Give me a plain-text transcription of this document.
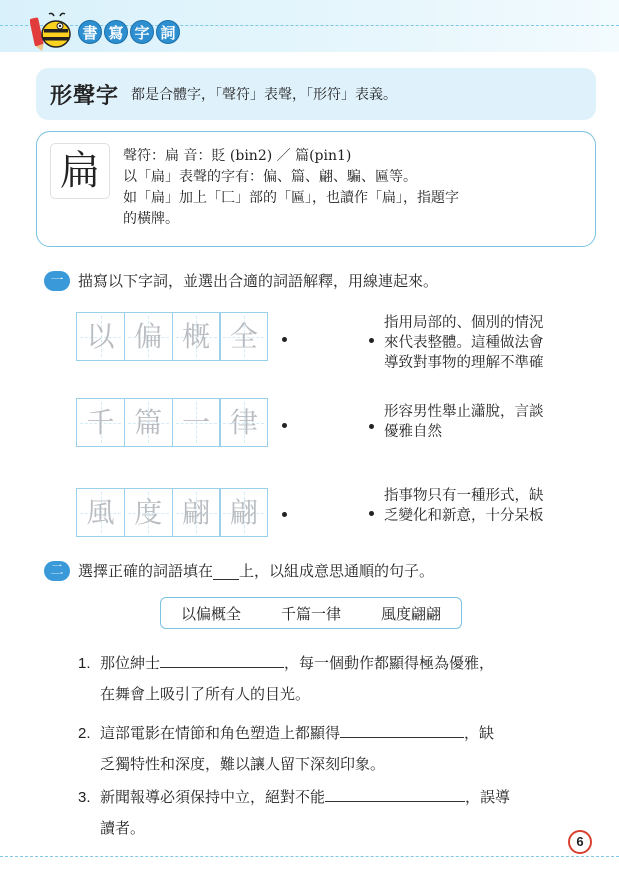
書 寫 字 詞
形聲字 都是合體字，「聲符」表聲，「形符」表義。
扁	聲符：扁 音：貶 (bin2) ／ 篇(pin1)
以「扁」表聲的字有：偏、篇、翩、騙、匾等。
如「扁」加上「匚」部的「匾」，也讀作「扁」，指題字
的橫牌。
一 描寫以下字詞，並選出合適的詞語解釋，用線連起來。
以 偏 概 全
千 篇 一 律
風 度 翩 翩
指用局部的、個別的情況
來代表整體。這種做法會
導致對事物的理解不準確
形容男性舉止瀟脫，言談
優雅自然
指事物只有一種形式，缺
乏變化和新意，十分呆板
二 選擇正確的詞語填在 上，以組成意思通順的句子。
以偏概全	千篇一律	風度翩翩
1. 那位紳士	，每一個動作都顯得極為優雅，
在舞會上吸引了所有人的目光。
2. 這部電影在情節和角色塑造上都顯得	，缺
乏獨特性和深度，難以讓人留下深刻印象。
3. 新聞報導必須保持中立，絕對不能	，誤導
讀者。
6
